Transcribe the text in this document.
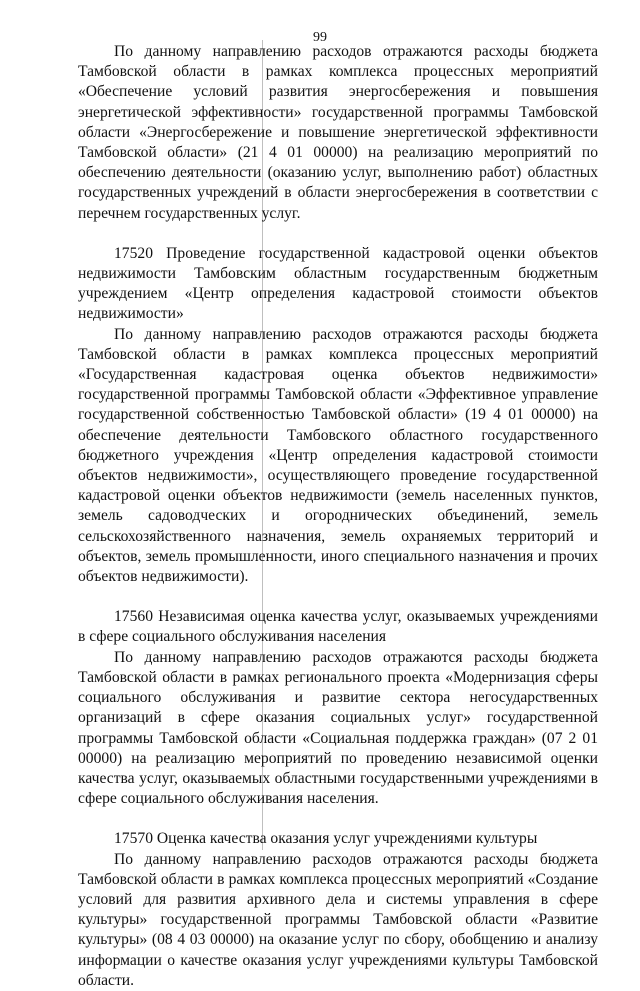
99

По данному направлению расходов отражаются расходы бюджета Тамбовской области в рамках комплекса процессных мероприятий «Обеспечение условий развития энергосбережения и повышения энергетической эффективности» государственной программы Тамбовской области «Энергосбережение и повышение энергетической эффективности Тамбовской области» (21 4 01 00000) на реализацию мероприятий по обеспечению деятельности (оказанию услуг, выполнению работ) областных государственных учреждений в области энергосбережения в соответствии с перечнем государственных услуг.

17520 Проведение государственной кадастровой оценки объектов недвижимости Тамбовским областным государственным бюджетным учреждением «Центр определения кадастровой стоимости объектов недвижимости»

По данному направлению расходов отражаются расходы бюджета Тамбовской области в рамках комплекса процессных мероприятий «Государственная кадастровая оценка объектов недвижимости» государственной программы Тамбовской области «Эффективное управление государственной собственностью Тамбовской области» (19 4 01 00000) на обеспечение деятельности Тамбовского областного государственного бюджетного учреждения «Центр определения кадастровой стоимости объектов недвижимости», осуществляющего проведение государственной кадастровой оценки объектов недвижимости (земель населенных пунктов, земель садоводческих и огороднических объединений, земель сельскохозяйственного назначения, земель охраняемых территорий и объектов, земель промышленности, иного специального назначения и прочих объектов недвижимости).

17560 Независимая оценка качества услуг, оказываемых учреждениями в сфере социального обслуживания населения

По данному направлению расходов отражаются расходы бюджета Тамбовской области в рамках регионального проекта «Модернизация сферы социального обслуживания и развитие сектора негосударственных организаций в сфере оказания социальных услуг» государственной программы Тамбовской области «Социальная поддержка граждан» (07 2 01 00000) на реализацию мероприятий по проведению независимой оценки качества услуг, оказываемых областными государственными учреждениями в сфере социального обслуживания населения.

17570 Оценка качества оказания услуг учреждениями культуры

По данному направлению расходов отражаются расходы бюджета Тамбовской области в рамках комплекса процессных мероприятий «Создание условий для развития архивного дела и системы управления в сфере культуры» государственной программы Тамбовской области «Развитие культуры» (08 4 03 00000) на оказание услуг по сбору, обобщению и анализу информации о качестве оказания услуг учреждениями культуры Тамбовской области.
